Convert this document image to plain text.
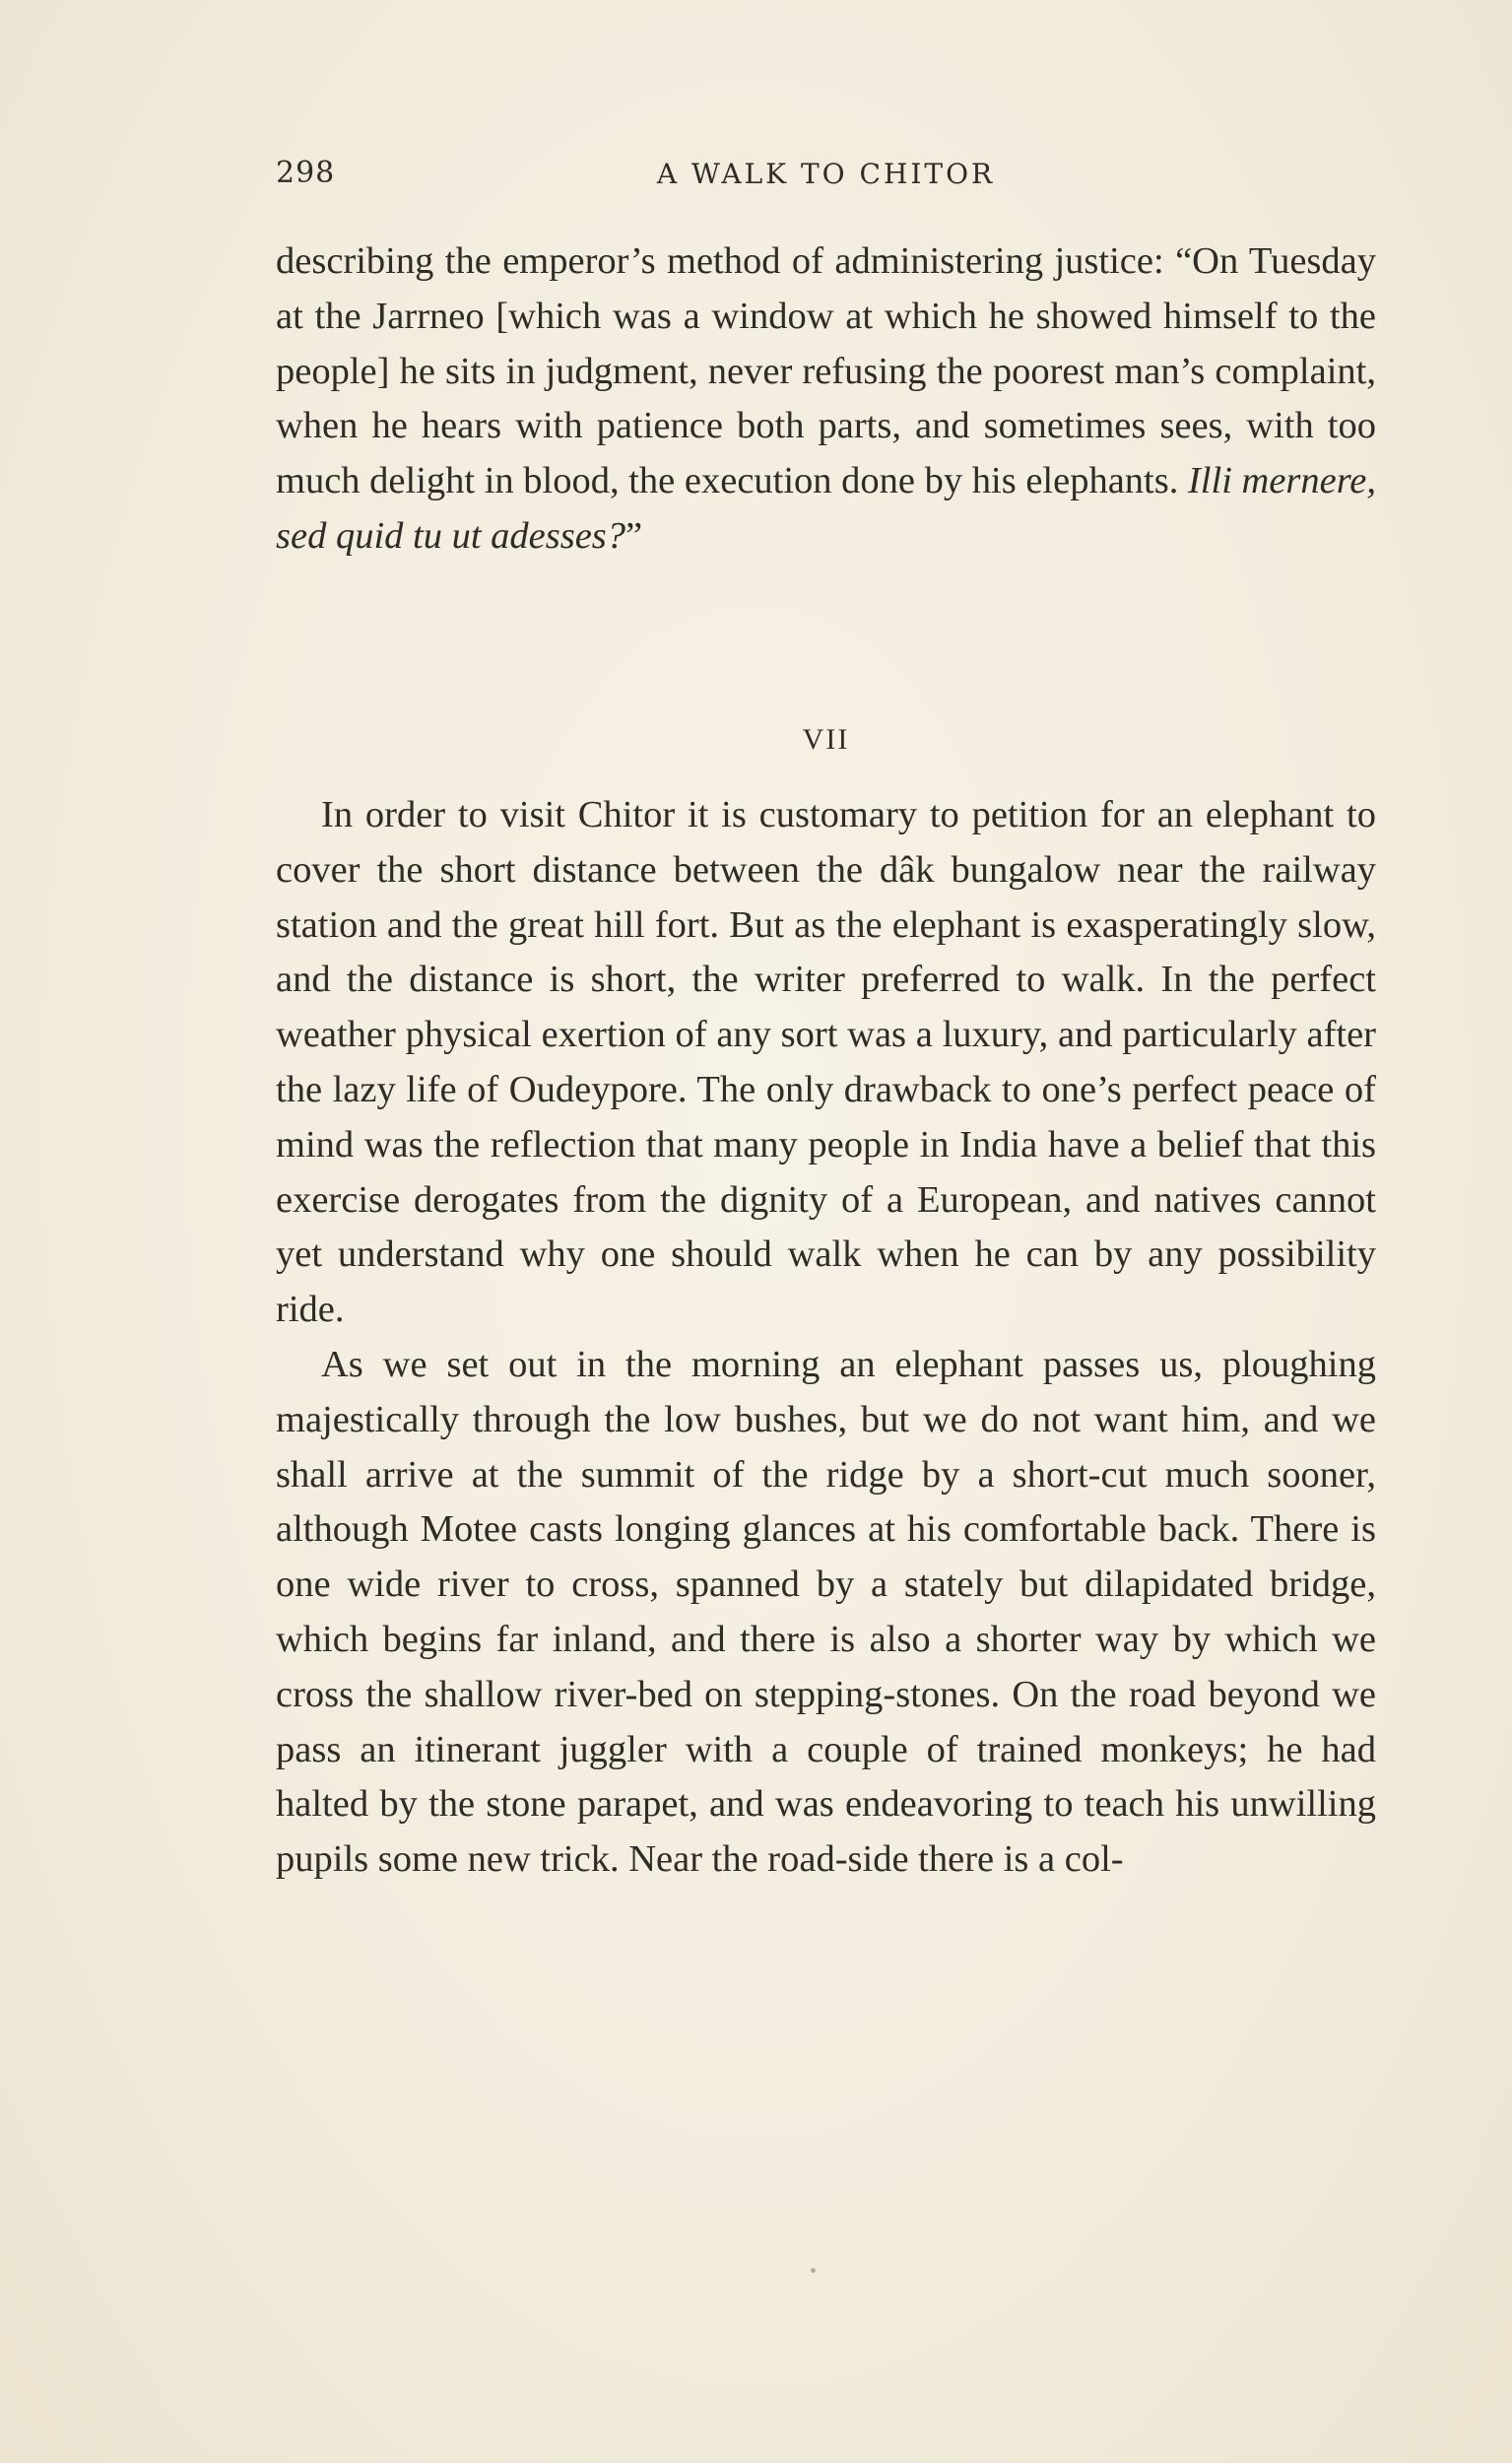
298	A WALK TO CHITOR

describing the emperor’s method of administering justice: “On Tuesday at the Jarrneo [which was a window at which he showed himself to the people] he sits in judgment, never refusing the poorest man’s complaint, when he hears with patience both parts, and sometimes sees, with too much delight in blood, the execution done by his elephants. Illi mernere, sed quid tu ut adesses?”

VII

In order to visit Chitor it is customary to petition for an elephant to cover the short distance between the dâk bungalow near the railway station and the great hill fort. But as the elephant is exasperatingly slow, and the distance is short, the writer preferred to walk. In the perfect weather physical exertion of any sort was a luxury, and particularly after the lazy life of Oudeypore. The only drawback to one’s perfect peace of mind was the reflection that many people in India have a belief that this exercise derogates from the dignity of a European, and natives cannot yet understand why one should walk when he can by any possibility ride.

As we set out in the morning an elephant passes us, ploughing majestically through the low bushes, but we do not want him, and we shall arrive at the summit of the ridge by a short-cut much sooner, although Motee casts longing glances at his comfortable back. There is one wide river to cross, spanned by a stately but dilapidated bridge, which begins far inland, and there is also a shorter way by which we cross the shallow river-bed on stepping-stones. On the road beyond we pass an itinerant juggler with a couple of trained monkeys; he had halted by the stone parapet, and was endeavoring to teach his unwilling pupils some new trick. Near the road-side there is a col-
